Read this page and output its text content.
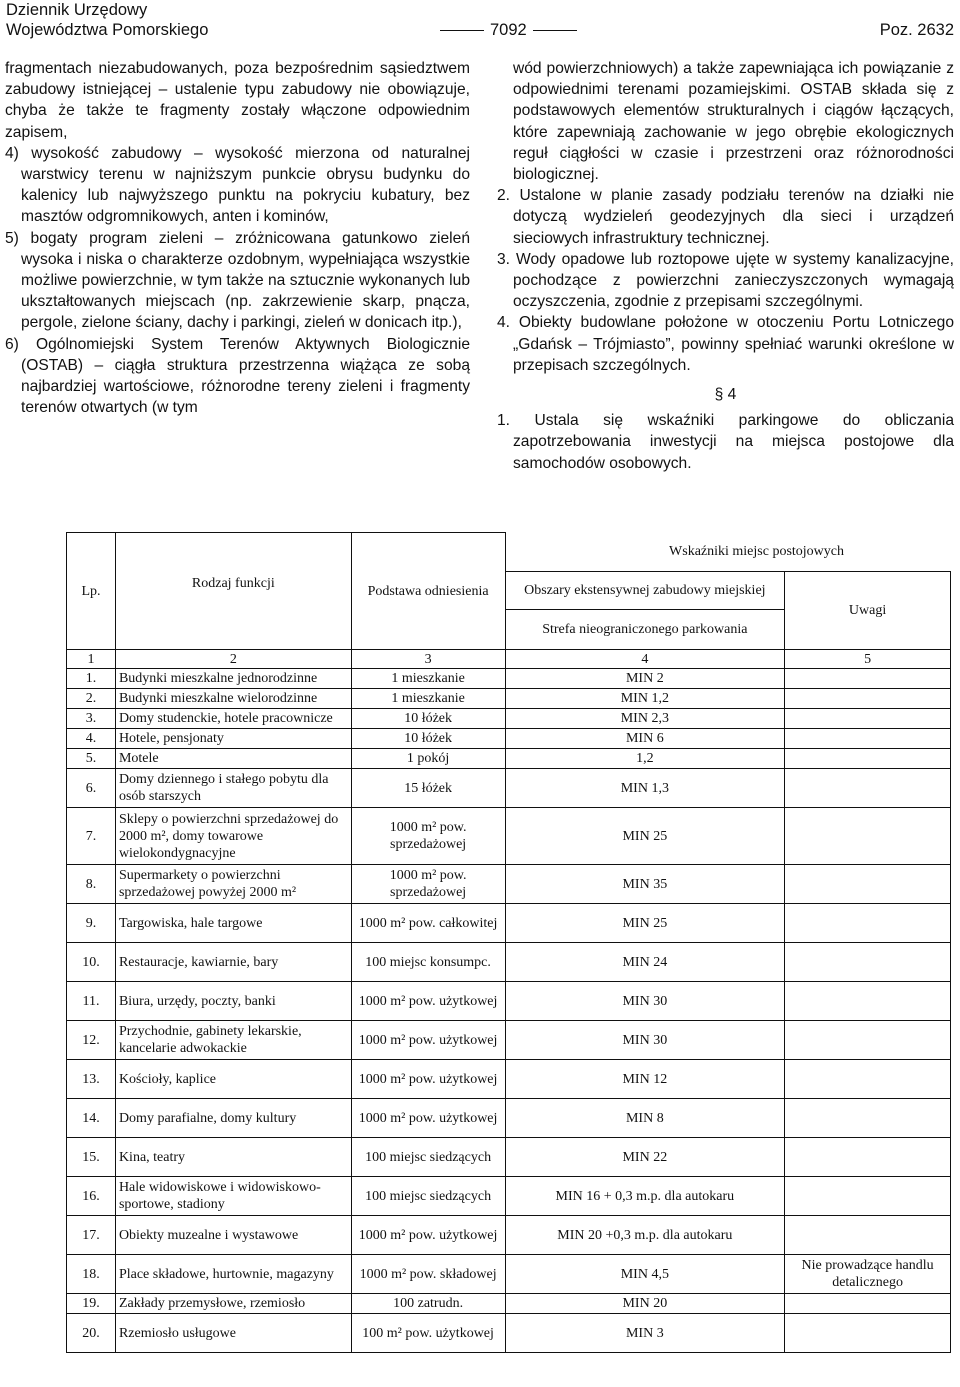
Dziennik Urzędowy
Województwa Pomorskiego	7092	Poz. 2632

fragmentach niezabudowanych, poza bezpośrednim sąsiedztwem zabudowy istniejącej – ustalenie typu zabudowy nie obowiązuje, chyba że także te fragmenty zostały włączone odpowiednim zapisem,

4) wysokość zabudowy – wysokość mierzona od naturalnej warstwicy terenu w najniższym punkcie obrysu budynku do kalenicy lub najwyższego punktu na pokryciu kubatury, bez masztów odgromnikowych, anten i kominów,

5) bogaty program zieleni – zróżnicowana gatunkowo zieleń wysoka i niska o charakterze ozdobnym, wypełniająca wszystkie możliwe powierzchnie, w tym także na sztucznie wykonanych lub ukształtowanych miejscach (np. zakrzewienie skarp, pnącza, pergole, zielone ściany, dachy i parkingi, zieleń w donicach itp.),

6) Ogólnomiejski System Terenów Aktywnych Biologicznie (OSTAB) – ciągła struktura przestrzenna wiążąca ze sobą najbardziej wartościowe, różnorodne tereny zieleni i fragmenty terenów otwartych (w tym

wód powierzchniowych) a także zapewniająca ich powiązanie z odpowiednimi terenami pozamiejskimi. OSTAB składa się z podstawowych elementów strukturalnych i ciągów łączących, które zapewniają zachowanie w jego obrębie ekologicznych reguł ciągłości w czasie i przestrzeni oraz różnorodności biologicznej.

2. Ustalone w planie zasady podziału terenów na działki nie dotyczą wydzieleń geodezyjnych dla sieci i urządzeń sieciowych infrastruktury technicznej.

3. Wody opadowe lub roztopowe ujęte w systemy kanalizacyjne, pochodzące z powierzchni zanieczyszczonych wymagają oczyszczenia, zgodnie z przepisami szczególnymi.

4. Obiekty budowlane położone w otoczeniu Portu Lotniczego „Gdańsk – Trójmiasto”, powinny spełniać warunki określone w przepisach szczególnych.

§ 4

1. Ustala się wskaźniki parkingowe do obliczania zapotrzebowania inwestycji na miejsca postojowe dla samochodów osobowych.

Lp.	Rodzaj funkcji	Podstawa odniesienia	Wskaźniki miejsc postojowych	
			Obszary ekstensywnej zabudowy miejskiej	Uwagi
			Strefa nieograniczonego parkowania	

1	2	3	4	5
1.	Budynki mieszkalne jednorodzinne	1 mieszkanie	MIN 2	
2.	Budynki mieszkalne wielorodzinne	1 mieszkanie	MIN 1,2	
3.	Domy studenckie, hotele pracownicze	10 łóżek	MIN 2,3	
4.	Hotele, pensjonaty	10 łóżek	MIN 6	
5.	Motele	1 pokój	1,2	
6.	Domy dziennego i stałego pobytu dla osób starszych	15 łóżek	MIN 1,3	
7.	Sklepy o powierzchni sprzedażowej do 2000 m², domy towarowe wielokondygnacyjne	1000 m² pow. sprzedażowej	MIN 25	
8.	Supermarkety o powierzchni sprzedażowej powyżej 2000 m²	1000 m² pow. sprzedażowej	MIN 35	
9.	Targowiska, hale targowe	1000 m² pow. całkowitej	MIN 25	
10.	Restauracje, kawiarnie, bary	100 miejsc konsumpc.	MIN 24	
11.	Biura, urzędy, poczty, banki	1000 m² pow. użytkowej	MIN 30	
12.	Przychodnie, gabinety lekarskie, kancelarie adwokackie	1000 m² pow. użytkowej	MIN 30	
13.	Kościoły, kaplice	1000 m² pow. użytkowej	MIN 12	
14.	Domy parafialne, domy kultury	1000 m² pow. użytkowej	MIN 8	
15.	Kina, teatry	100 miejsc siedzących	MIN 22	
16.	Hale widowiskowe i widowiskowo-sportowe, stadiony	100 miejsc siedzących	MIN 16 + 0,3 m.p. dla autokaru	
17.	Obiekty muzealne i wystawowe	1000 m² pow. użytkowej	MIN 20 +0,3 m.p. dla autokaru	
18.	Place składowe, hurtownie, magazyny	1000 m² pow. składowej	MIN 4,5	Nie prowadzące handlu detalicznego
19.	Zakłady przemysłowe, rzemiosło	100 zatrudn.	MIN 20	
20.	Rzemiosło usługowe	100 m² pow. użytkowej	MIN 3	
